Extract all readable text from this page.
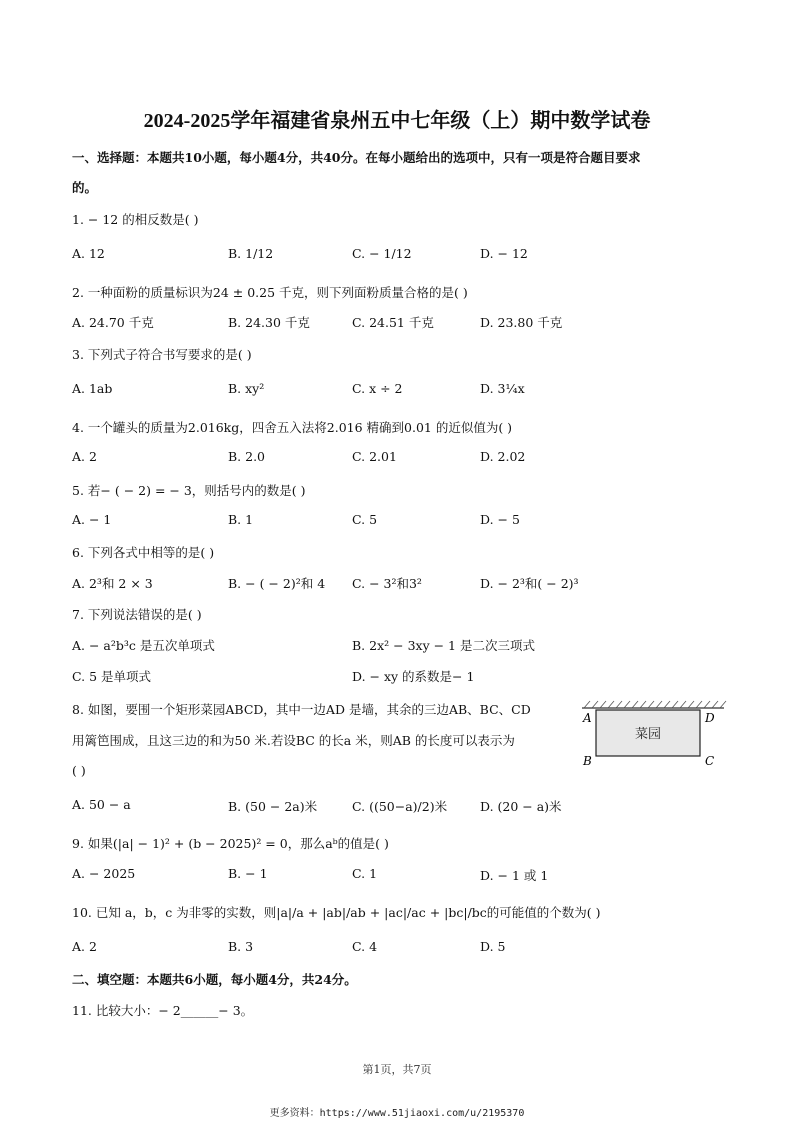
2024-2025学年福建省泉州五中七年级（上）期中数学试卷
一、选择题：本题共10小题，每小题4分，共40分。在每小题给出的选项中，只有一项是符合题目要求
的。
1. − 12 的相反数是( )
A. 12	B. 1/12	C. − 1/12	D. − 12
2. 一种面粉的质量标识为24 ± 0.25 千克，则下列面粉质量合格的是( )
A. 24.70 千克	B. 24.30 千克	C. 24.51 千克	D. 23.80 千克
3. 下列式子符合书写要求的是( )
A. 1ab	B. xy²	C. x ÷ 2	D. 3¼x
4. 一个罐头的质量为2.016kg，四舍五入法将2.016 精确到0.01 的近似值为( )
A. 2	B. 2.0	C. 2.01	D. 2.02
5. 若− ( − 2) = − 3，则括号内的数是( )
A. − 1	B. 1	C. 5	D. − 5
6. 下列各式中相等的是( )
A. 2³和 2 × 3	B. − ( − 2)²和 4 C. − 3²和3²	D. − 2³和( − 2)³
7. 下列说法错误的是( )
A. − a²b³c 是五次单项式	B. 2x² − 3xy − 1 是二次三项式
C. 5 是单项式	D. − xy 的系数是− 1
8. 如图，要围一个矩形菜园ABCD，其中一边AD 是墙，其余的三边AB、BC、CD
用篱笆围成，且这三边的和为50 米.若设BC 的长a 米，则AB 的长度可以表示为
( )
A. 50 − a	B. (50 − 2a)米	C. ((50−a)/2)米	D. (20 − a)米
菜园
A	D
B	C
9. 如果(|a| − 1)² + (b − 2025)² = 0，那么aᵇ的值是( )
A. − 2025	B. − 1	C. 1	D. − 1 或 1
10. 已知 a，b，c 为非零的实数，则|a|/a + |ab|/ab + |ac|/ac + |bc|/bc的可能值的个数为( )
A. 2	B. 3	C. 4	D. 5
二、填空题：本题共6小题，每小题4分，共24分。
11. 比较大小：− 2______− 3。
第1页，共7页
更多资料：https://www.51jiaoxi.com/u/2195370
